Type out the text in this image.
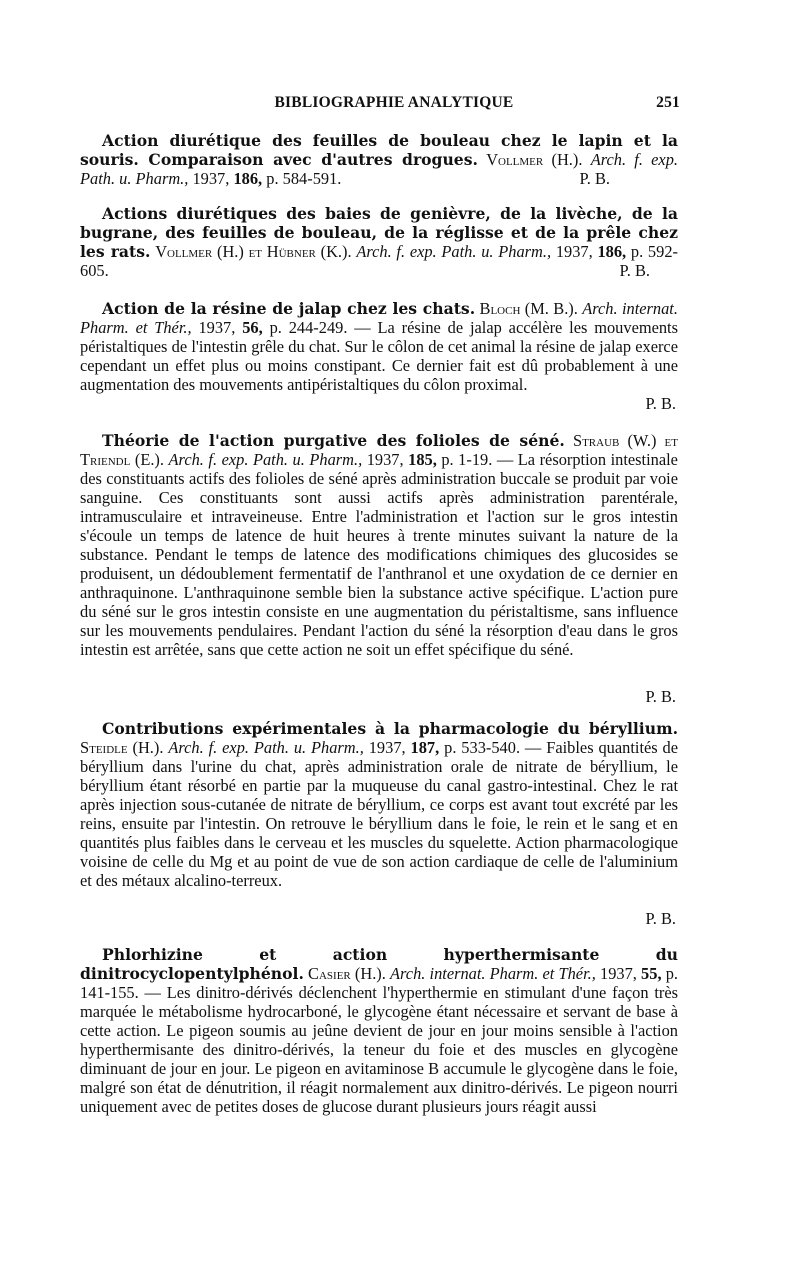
BIBLIOGRAPHIE ANALYTIQUE	251

Action diurétique des feuilles de bouleau chez le lapin et la souris. Comparaison avec d'autres drogues. Vollmer (H.). Arch. f. exp. Path. u. Pharm., 1937, 186, p. 584-591.	P. B.

Actions diurétiques des baies de genièvre, de la livèche, de la bugrane, des feuilles de bouleau, de la réglisse et de la prêle chez les rats. Vollmer (H.) et Hübner (K.). Arch. f. exp. Path. u. Pharm., 1937, 186, p. 592-605.	P. B.

Action de la résine de jalap chez les chats. Bloch (M. B.). Arch. internat. Pharm. et Thér., 1937, 56, p. 244-249. — La résine de jalap accélère les mouvements péristaltiques de l'intestin grêle du chat. Sur le côlon de cet animal la résine de jalap exerce cependant un effet plus ou moins constipant. Ce dernier fait est dû probablement à une augmentation des mouvements antipéristaltiques du côlon proximal.

P. B.

Théorie de l'action purgative des folioles de séné. Straub (W.) et Triendl (E.). Arch. f. exp. Path. u. Pharm., 1937, 185, p. 1-19. — La résorption intestinale des constituants actifs des folioles de séné après administration buccale se produit par voie sanguine. Ces constituants sont aussi actifs après administration parentérale, intramusculaire et intraveineuse. Entre l'administration et l'action sur le gros intestin s'écoule un temps de latence de huit heures à trente minutes suivant la nature de la substance. Pendant le temps de latence des modifications chimiques des glucosides se produisent, un dédoublement fermentatif de l'anthranol et une oxydation de ce dernier en anthraquinone. L'anthraquinone semble bien la substance active spécifique. L'action pure du séné sur le gros intestin consiste en une augmentation du péristaltisme, sans influence sur les mouvements pendulaires. Pendant l'action du séné la résorption d'eau dans le gros intestin est arrêtée, sans que cette action ne soit un effet spécifique du séné.

P. B.

Contributions expérimentales à la pharmacologie du béryllium. Steidle (H.). Arch. f. exp. Path. u. Pharm., 1937, 187, p. 533-540. — Faibles quantités de béryllium dans l'urine du chat, après administration orale de nitrate de béryllium, le béryllium étant résorbé en partie par la muqueuse du canal gastro-intestinal. Chez le rat après injection sous-cutanée de nitrate de béryllium, ce corps est avant tout excrété par les reins, ensuite par l'intestin. On retrouve le béryllium dans le foie, le rein et le sang et en quantités plus faibles dans le cerveau et les muscles du squelette. Action pharmacologique voisine de celle du Mg et au point de vue de son action cardiaque de celle de l'aluminium et des métaux alcalino-terreux.

P. B.

Phlorhizine et action hyperthermisante du dinitrocyclopentylphénol. Casier (H.). Arch. internat. Pharm. et Thér., 1937, 55, p. 141-155. — Les dinitro-dérivés déclenchent l'hyperthermie en stimulant d'une façon très marquée le métabolisme hydrocarboné, le glycogène étant nécessaire et servant de base à cette action. Le pigeon soumis au jeûne devient de jour en jour moins sensible à l'action hyperthermisante des dinitro-dérivés, la teneur du foie et des muscles en glycogène diminuant de jour en jour. Le pigeon en avitaminose B accumule le glycogène dans le foie, malgré son état de dénutrition, il réagit normalement aux dinitro-dérivés. Le pigeon nourri uniquement avec de petites doses de glucose durant plusieurs jours réagit aussi
